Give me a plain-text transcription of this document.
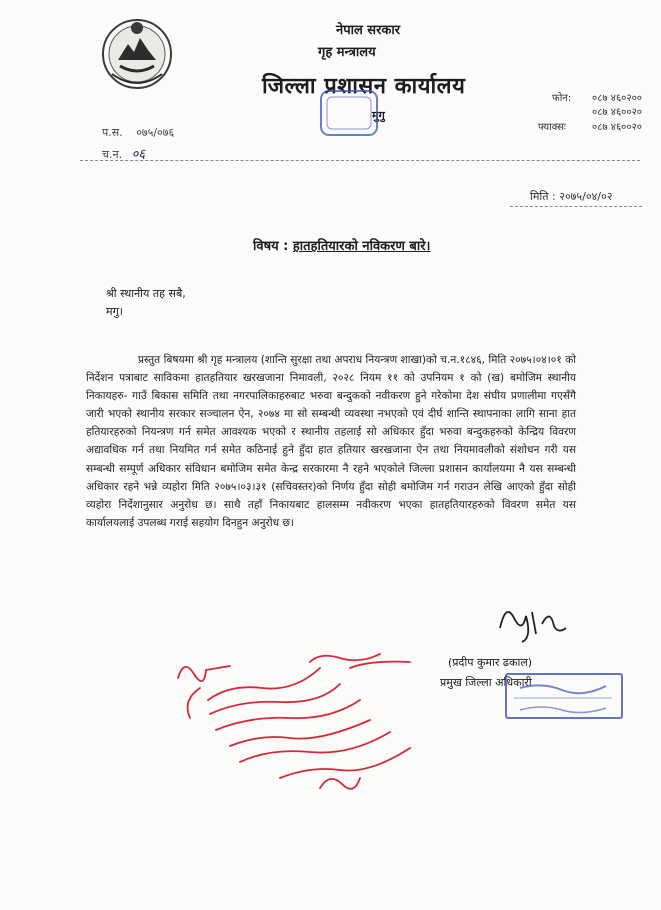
नेपाल सरकार
गृह मन्त्रालय
जिल्ला प्रशासन कार्यालय
मुगु
फोन: ०८७ ४६०२००
०८७ ४६००२०
फ्याक्सः	०८७ ४६००२०
प.स. ०७५/०७६
च.न. ०६
मिति : २०७५/०४/०२
विषय : हातहतियारको नविकरण बारे।
श्री स्थानीय तह सबै,
मगु।
प्रस्तुत बिषयमा श्री गृह मन्त्रालय (शान्ति सुरक्षा तथा अपराध नियन्त्रण शाखा)को च.न.१८४६, मिति २०७५।०४।०१ को निर्देशन पत्राबाट साविकमा हातहतियार खरखजाना निमावली, २०२८ नियम ११ को उपनियम १ को (ख) बमोजिम स्थानीय निकायहरु- गाउँ बिकास समिति तथा नगरपालिकाहरुबाट भरुवा बन्दुकको नवीकरण हुने गरेकोमा देश संघीय प्रणालीमा गएसँगै जारी भएको स्थानीय सरकार सञ्चालन ऐन, २०७४ मा सो सम्बन्धी व्यवस्था नभएको एवं दीर्घ शान्ति स्थापनाका लागि साना हात हतियारहरुको नियन्त्रण गर्न समेत आवश्यक भएको र स्थानीय तहलाई सो अधिकार हुँदा भरुवा बन्दुकहरुको केन्द्रिय विवरण अद्यावधिक गर्न तथा नियमित गर्न समेत कठिनाई हुने हुँदा हात हतियार खरखजाना ऐन तथा नियमावलीको संशोधन गरी यस सम्बन्धी सम्पूर्ण अधिकार संविधान बमोजिम समेत केन्द्र सरकारमा नै रहने भएकोले जिल्ला प्रशासन कार्यालयमा नै यस सम्बन्धी अधिकार रहने भन्ने व्यहोरा मिति २०७५।०३।३१ (सचिवस्तर)को निर्णय हुँदा सोही बमोजिम गर्न गराउन लेखि आएको हुँदा सोही व्यहोरा निर्देशानुसार अनुरोध छ। साथै तहाँ निकायबाट हालसम्म नवीकरण भएका हातहतियारहरुको विवरण समेत यस कार्यालयलाई उपलब्ध गराई सहयोग दिनहुन अनुरोध छ।
(प्रदीप कुमार ढकाल)
प्रमुख जिल्ला अधिकारी
